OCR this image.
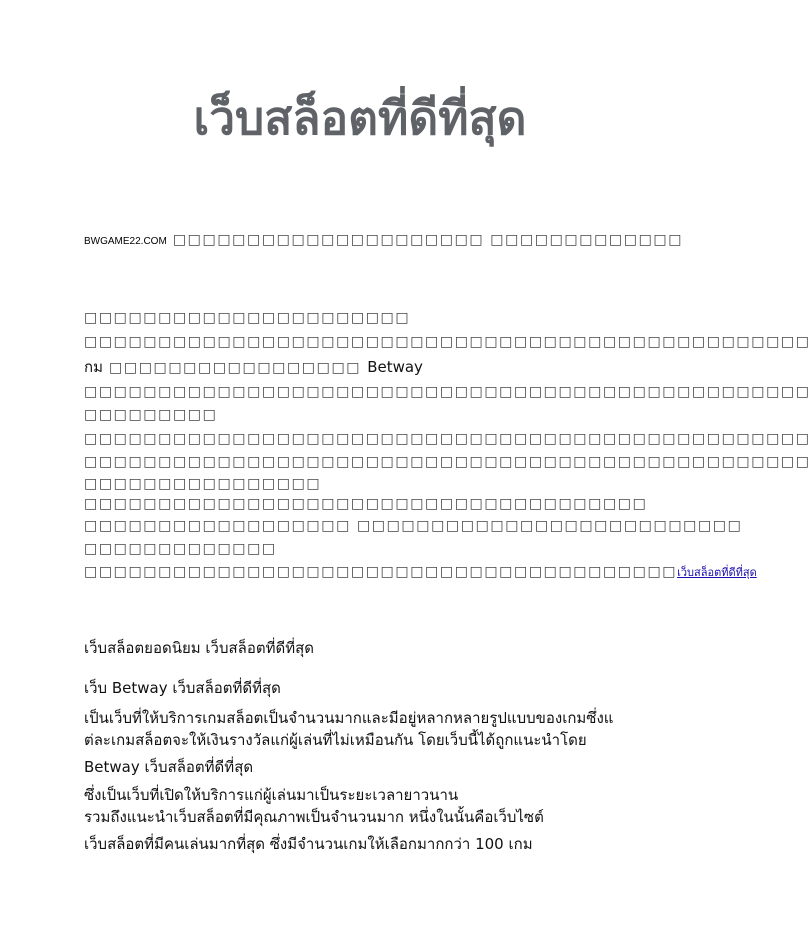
เว็บสล็อตที่ดีที่สุด
BWGAME22.COM □□□□□□□□□□□□□□□□□□□□□ □□□□□□□□□□□□□
□□□□□□□□□□□□□□□□□□□□□□
□□□□□□□□□□□□□□□□□□□□□□□□□□□□□□□□□□□□□□□□□□□□□□□□□
กม □□□□□□□□□□□□□□□□□ Betway
□□□□□□□□□□□□□□□□□□□□□□□□□□□□□□□□□□□□□□□□□□□□□□□□□
□□□□□□□□□
□□□□□□□□□□□□□□□□□□□□□□□□□□□□□□□□□□□□□□□□□□□□□□□□□
□□□□□□□□□□□□□□□□□□□□□□□□□□□□□□□□□□□□□□□□□□□□□□□□□
□□□□□□□□□□□□□□□□
□□□□□□□□□□□□□□□□□□□□□□□□□□□□□□□□□□□□□□
□□□□□□□□□□□□□□□□□□ □□□□□□□□□□□□□□□□□□□□□□□□□□
□□□□□□□□□□□□□
□□□□□□□□□□□□□□□□□□□□□□□□□□□□□□□□□□□□□□□□เว็บสล็อตที่ดีที่สุด
เว็บสล็อตยอดนิยม เว็บสล็อตที่ดีที่สุด
เว็บ Betway เว็บสล็อตที่ดีที่สุด
เป็นเว็บที่ให้บริการเกมสล็อตเป็นจำนวนมากและมีอยู่หลากหลายรูปแบบของเกมซึ่งแ
ต่ละเกมสล็อตจะให้เงินรางวัลแก่ผู้เล่นที่ไม่เหมือนกัน โดยเว็บนี้ได้ถูกแนะนำโดย
Betway เว็บสล็อตที่ดีที่สุด
ซึ่งเป็นเว็บที่เปิดให้บริการแก่ผู้เล่นมาเป็นระยะเวลายาวนาน
รวมถึงแนะนำเว็บสล็อตที่มีคุณภาพเป็นจำนวนมาก หนึ่งในนั้นคือเว็บไซต์
เว็บสล็อตที่มีคนเล่นมากที่สุด ซึ่งมีจำนวนเกมให้เลือกมากกว่า 100 เกม
